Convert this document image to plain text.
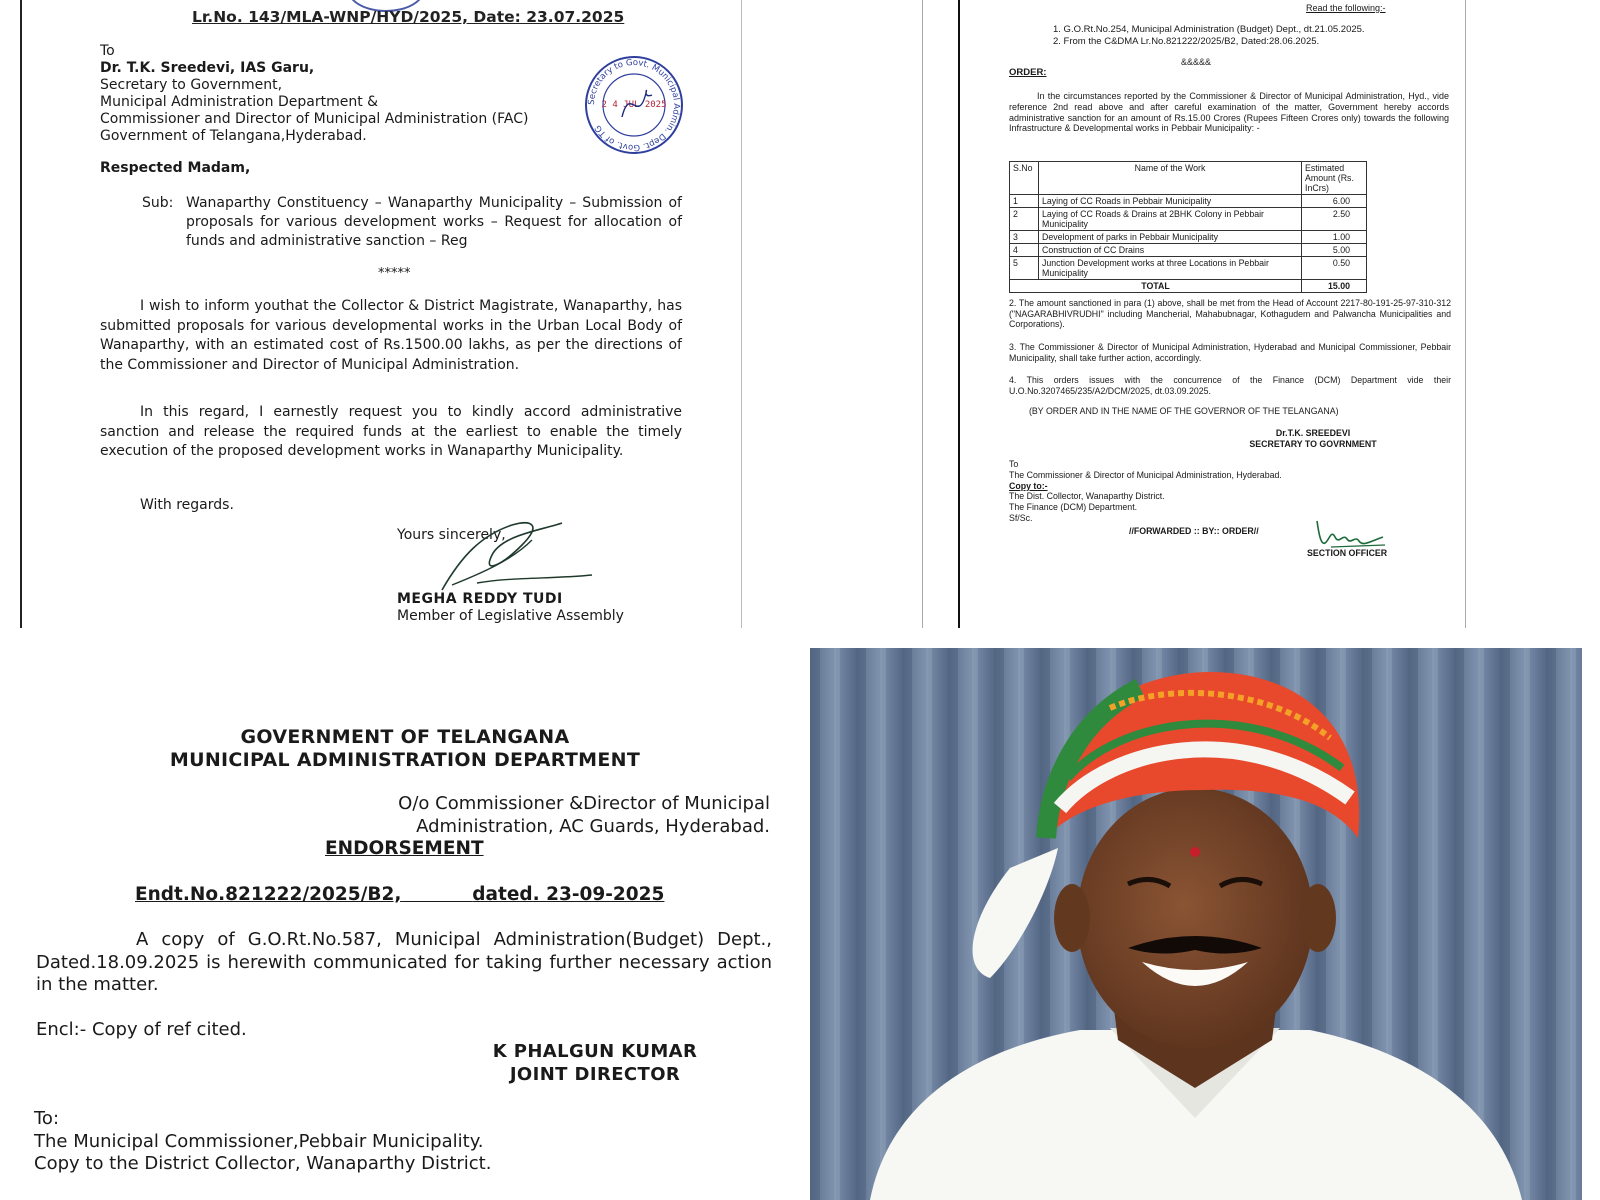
Lr.No. 143/MLA-WNP/HYD/2025, Date: 23.07.2025
To
Dr. T.K. Sreedevi, IAS Garu,
Secretary to Government,
Municipal Administration Department &
Commissioner and Director of Municipal Administration (FAC)
Government of Telangana,Hyderabad.
Secretary to Govt. Municipal Admin. Dept. Govt. of TG
2 4 JUL 2025
Respected Madam,
Sub: Wanaparthy Constituency – Wanaparthy Municipality – Submission of proposals for various development works – Request for allocation of funds and administrative sanction – Reg
*****

I wish to inform youthat the Collector & District Magistrate, Wanaparthy, has submitted proposals for various developmental works in the Urban Local Body of Wanaparthy, with an estimated cost of Rs.1500.00 lakhs, as per the directions of the Commissioner and Director of Municipal Administration.

In this regard, I earnestly request you to kindly accord administrative sanction and release the required funds at the earliest to enable the timely execution of the proposed development works in Wanaparthy Municipality.

With regards.
Yours sincerely,
MEGHA REDDY TUDI
Member of Legislative Assembly
Read the following:-
1. G.O.Rt.No.254, Municipal Administration (Budget) Dept., dt.21.05.2025.
2. From the C&DMA Lr.No.821222/2025/B2, Dated:28.06.2025.
&&&&&
ORDER:

In the circumstances reported by the Commissioner & Director of Municipal Administration, Hyd., vide reference 2nd read above and after careful examination of the matter, Government hereby accords administrative sanction for an amount of Rs.15.00 Crores (Rupees Fifteen Crores only) towards the following Infrastructure & Developmental works in Pebbair Municipality: -

S.No	Name of the Work	Estimated Amount (Rs. InCrs)
1	Laying of CC Roads in Pebbair Municipality	6.00
2	Laying of CC Roads & Drains at 2BHK Colony in Pebbair Municipality	2.50
3	Development of parks in Pebbair Municipality	1.00
4	Construction of CC Drains	5.00
5	Junction Development works at three Locations in Pebbair Municipality	0.50
TOTAL		15.00

2. The amount sanctioned in para (1) above, shall be met from the Head of Account 2217-80-191-25-97-310-312 ("NAGARABHIVRUDHI" including Mancherial, Mahabubnagar, Kothagudem and Palwancha Municipalities and Corporations).

3. The Commissioner & Director of Municipal Administration, Hyderabad and Municipal Commissioner, Pebbair Municipality, shall take further action, accordingly.

4. This orders issues with the concurrence of the Finance (DCM) Department vide their U.O.No.3207465/235/A2/DCM/2025, dt.03.09.2025.

(BY ORDER AND IN THE NAME OF THE GOVERNOR OF THE TELANGANA)
Dr.T.K. SREEDEVI
SECRETARY TO GOVRNMENT
To
The Commissioner & Director of Municipal Administration, Hyderabad.
Copy to:-
The Dist. Collector, Wanaparthy District.
The Finance (DCM) Department.
Sf/Sc.
//FORWARDED :: BY:: ORDER//
SECTION OFFICER
GOVERNMENT OF TELANGANA
MUNICIPAL ADMINISTRATION DEPARTMENT
O/o Commissioner &Director of Municipal
Administration, AC Guards, Hyderabad.
ENDORSEMENT
Endt.No.821222/2025/B2,	dated. 23-09-2025

A copy of G.O.Rt.No.587, Municipal Administration(Budget) Dept., Dated.18.09.2025 is herewith communicated for taking further necessary action in the matter.

Encl:- Copy of ref cited.
K PHALGUN KUMAR
JOINT DIRECTOR
To:
The Municipal Commissioner,Pebbair Municipality.
Copy to the District Collector, Wanaparthy District.
